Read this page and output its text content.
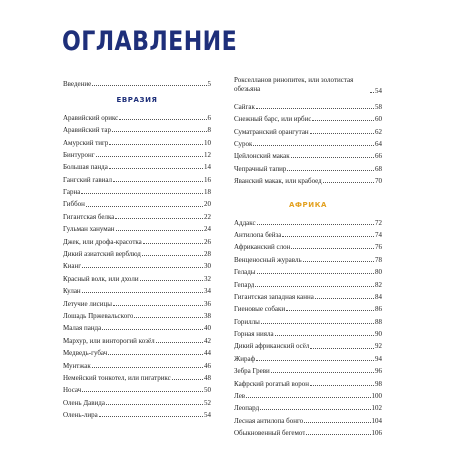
ОГЛАВЛЕНИЕ
Введение	5
ЕВРАЗИЯ
Аравийский орикс	6
Аравийский тар	8
Амурский тигр	10
Бинтуронг	12
Большая панда	14
Гангский гавиал	16
Гарна	18
Гиббон	20
Гигантская белка	22
Гульман хануман	24
Джек, или дрофа-красотка	26
Дикий азиатский верблюд	28
Кианг	30
Красный волк, или дхоли	32
Кулан	34
Летучие лисицы	36
Лошадь Пржевальского	38
Малая панда	40
Мархур, или винторогий козёл	42
Медведь-губач	44
Мунтжак	46
Немейский тонкотел, или пигатрикс	48
Носач	50
Олень Давида	52
Олень-лира	54
Рокселланов ринопитек, или золотистая обезьяна	54
Сайгак	58
Снежный барс, или ирбис	60
Суматранский орангутан	62
Сурок	64
Цейлонский макак	66
Чепрачный тапир	68
Яванский макак, или крабоед	70
АФРИКА
Аддакс	72
Антилопа бейза	74
Африканский слон	76
Венценосный журавль	78
Гелады	80
Гепард	82
Гигантская западная канна	84
Гиеновые собаки	86
Гориллы	88
Горная нияла	90
Дикий африканский осёл	92
Жираф	94
Зебра Греви	96
Кафрский рогатый ворон	98
Лев	100
Леопард	102
Лесная антилопа бонго	104
Обыкновенный бегемот	106
